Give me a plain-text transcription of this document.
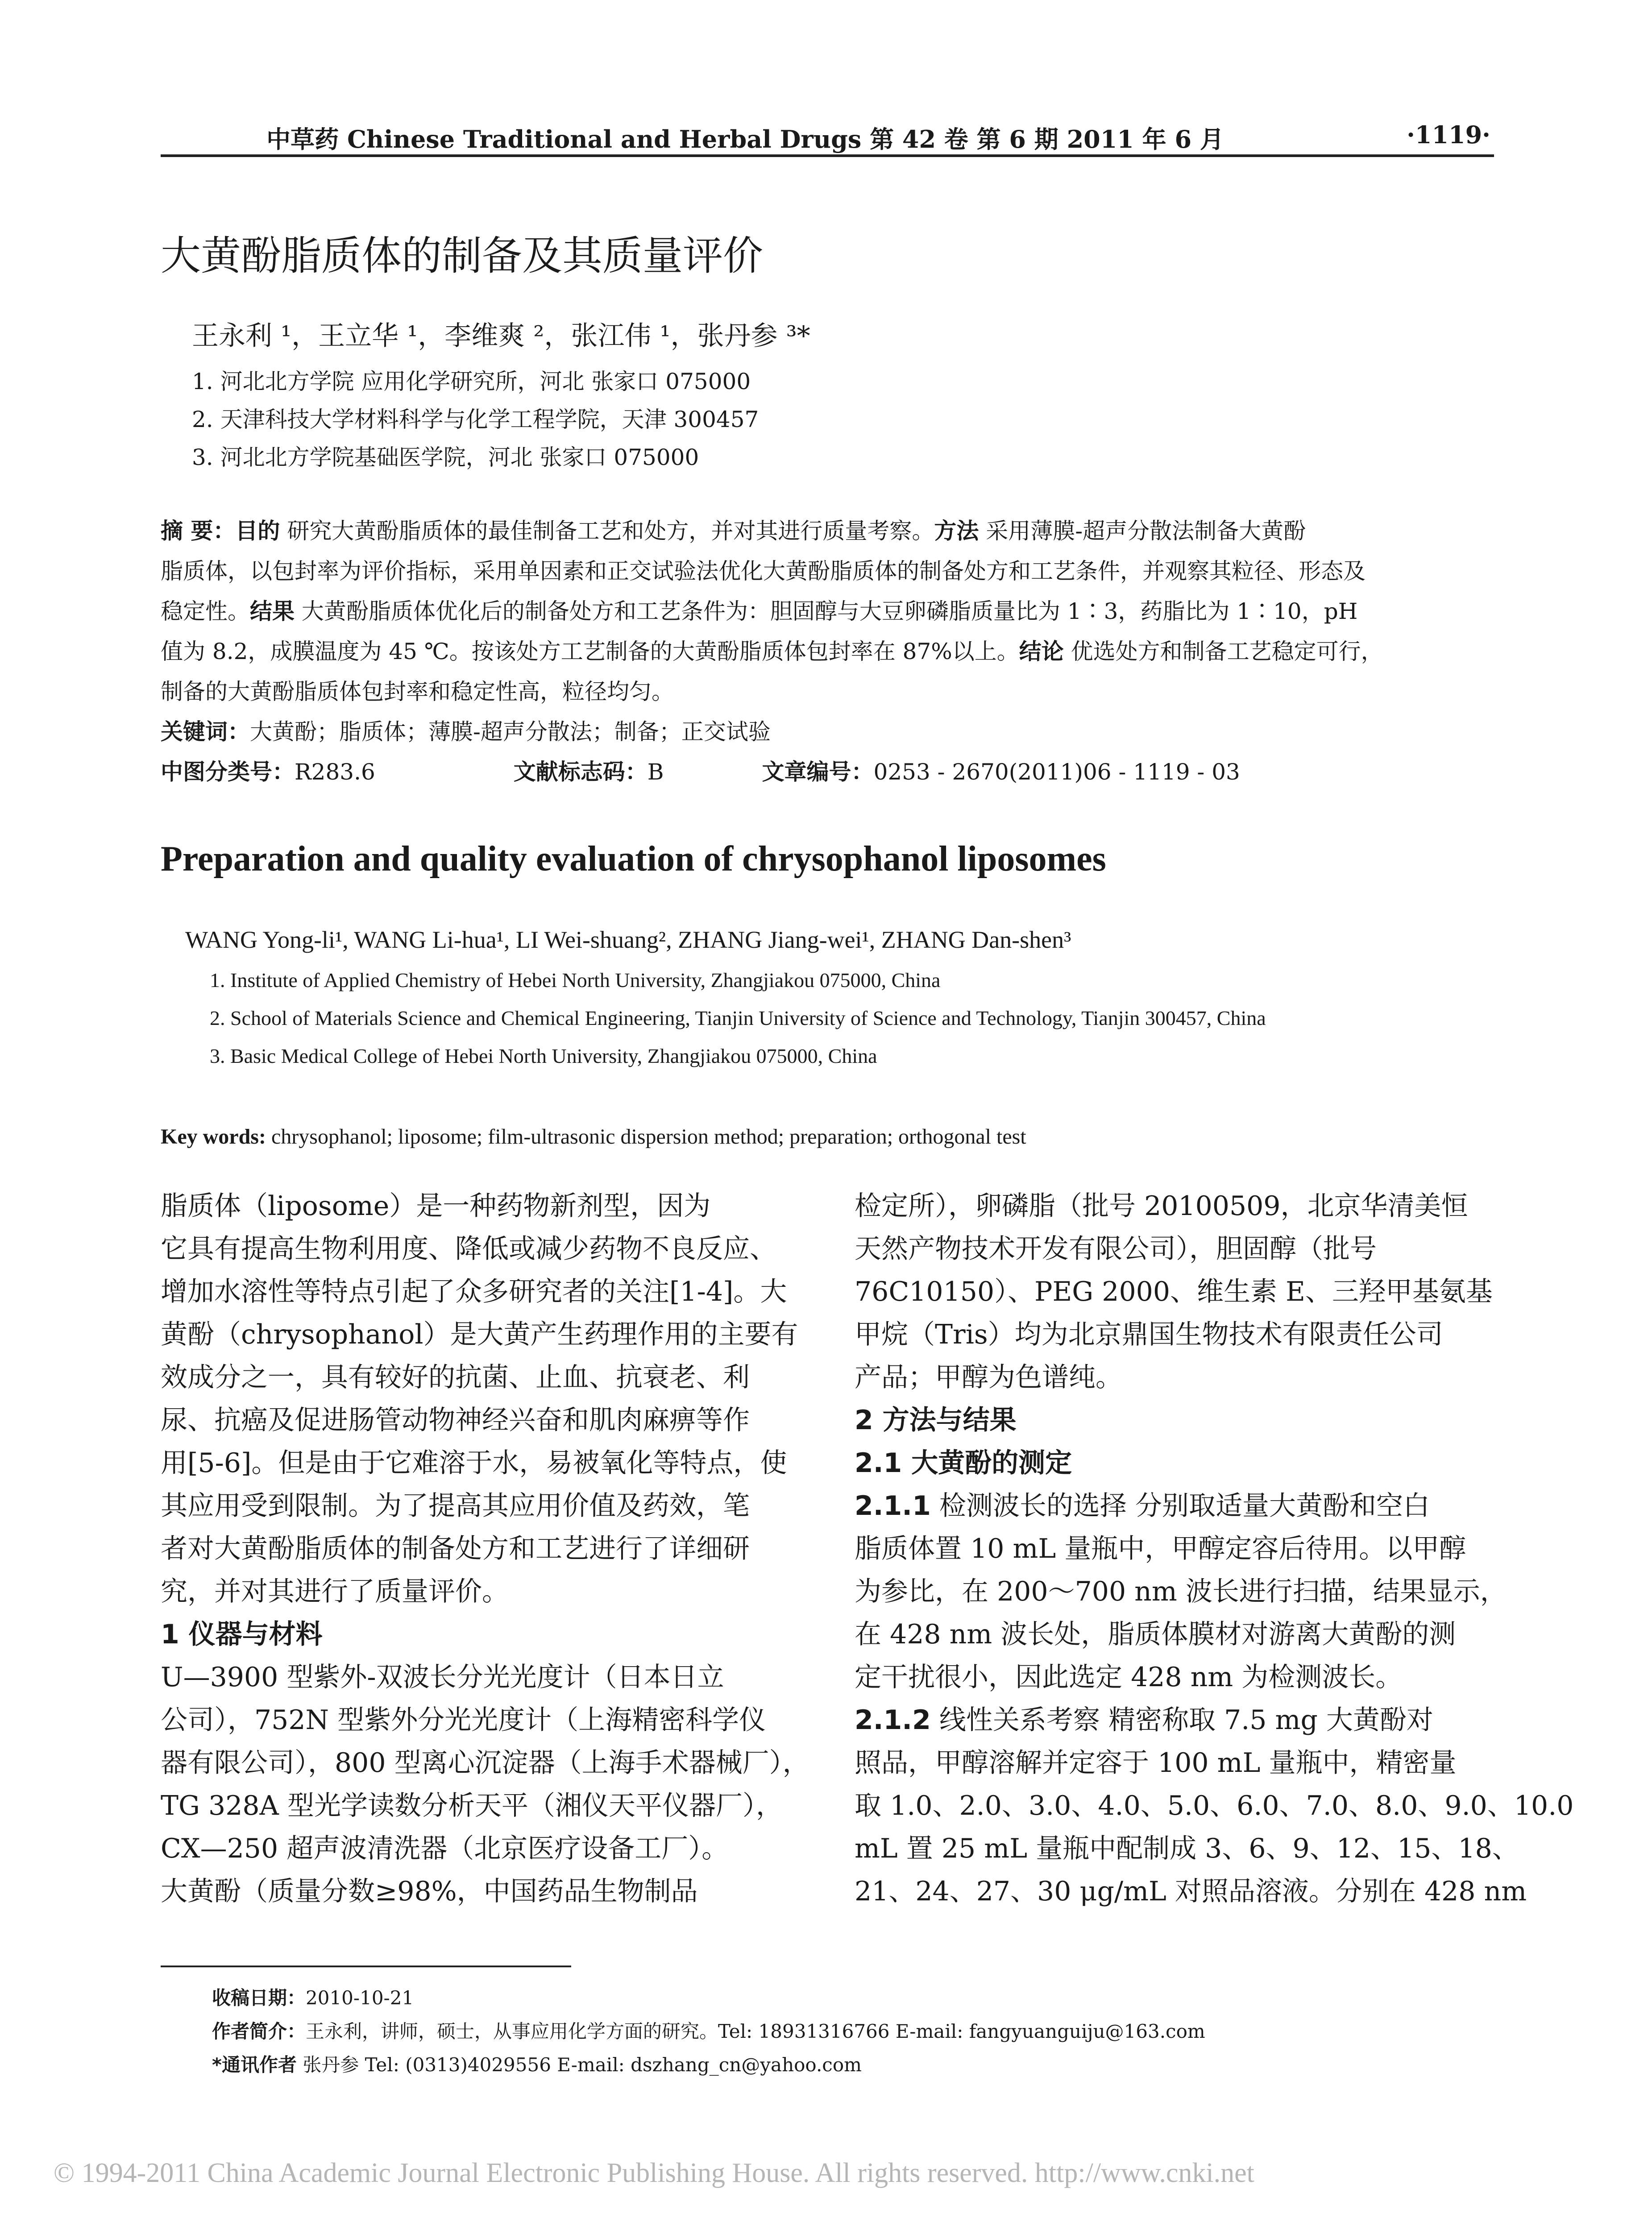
中草药 Chinese Traditional and Herbal Drugs 第 42 卷 第 6 期 2011 年 6 月	·1119·
大黄酚脂质体的制备及其质量评价
王永利 ¹，王立华 ¹，李维爽 ²，张江伟 ¹，张丹参 ³*
1. 河北北方学院 应用化学研究所，河北 张家口 075000
2. 天津科技大学材料科学与化学工程学院，天津 300457
3. 河北北方学院基础医学院，河北 张家口 075000
摘 要：目的 研究大黄酚脂质体的最佳制备工艺和处方，并对其进行质量考察。方法 采用薄膜-超声分散法制备大黄酚
脂质体，以包封率为评价指标，采用单因素和正交试验法优化大黄酚脂质体的制备处方和工艺条件，并观察其粒径、形态及
稳定性。结果 大黄酚脂质体优化后的制备处方和工艺条件为：胆固醇与大豆卵磷脂质量比为 1∶3，药脂比为 1∶10，pH
值为 8.2，成膜温度为 45 ℃。按该处方工艺制备的大黄酚脂质体包封率在 87%以上。结论 优选处方和制备工艺稳定可行，
制备的大黄酚脂质体包封率和稳定性高，粒径均匀。
关键词：大黄酚；脂质体；薄膜-超声分散法；制备；正交试验
中图分类号：R283.6	文献标志码：B	文章编号：0253 - 2670(2011)06 - 1119 - 03
Preparation and quality evaluation of chrysophanol liposomes
WANG Yong-li¹, WANG Li-hua¹, LI Wei-shuang², ZHANG Jiang-wei¹, ZHANG Dan-shen³
1. Institute of Applied Chemistry of Hebei North University, Zhangjiakou 075000, China
2. School of Materials Science and Chemical Engineering, Tianjin University of Science and Technology, Tianjin 300457, China
3. Basic Medical College of Hebei North University, Zhangjiakou 075000, China
Key words: chrysophanol; liposome; film-ultrasonic dispersion method; preparation; orthogonal test
脂质体（liposome）是一种药物新剂型，因为
它具有提高生物利用度、降低或减少药物不良反应、
增加水溶性等特点引起了众多研究者的关注[1-4]。大
黄酚（chrysophanol）是大黄产生药理作用的主要有
效成分之一，具有较好的抗菌、止血、抗衰老、利
尿、抗癌及促进肠管动物神经兴奋和肌肉麻痹等作
用[5-6]。但是由于它难溶于水，易被氧化等特点，使
其应用受到限制。为了提高其应用价值及药效，笔
者对大黄酚脂质体的制备处方和工艺进行了详细研
究，并对其进行了质量评价。
1 仪器与材料
U—3900 型紫外-双波长分光光度计（日本日立
公司），752N 型紫外分光光度计（上海精密科学仪
器有限公司），800 型离心沉淀器（上海手术器械厂），
TG 328A 型光学读数分析天平（湘仪天平仪器厂），
CX—250 超声波清洗器（北京医疗设备工厂）。
大黄酚（质量分数≥98%，中国药品生物制品
检定所），卵磷脂（批号 20100509，北京华清美恒
天然产物技术开发有限公司），胆固醇（批号
76C10150）、PEG 2000、维生素 E、三羟甲基氨基
甲烷（Tris）均为北京鼎国生物技术有限责任公司
产品；甲醇为色谱纯。
2 方法与结果
2.1 大黄酚的测定
2.1.1 检测波长的选择 分别取适量大黄酚和空白
脂质体置 10 mL 量瓶中，甲醇定容后待用。以甲醇
为参比，在 200～700 nm 波长进行扫描，结果显示，
在 428 nm 波长处，脂质体膜材对游离大黄酚的测
定干扰很小，因此选定 428 nm 为检测波长。
2.1.2 线性关系考察 精密称取 7.5 mg 大黄酚对
照品，甲醇溶解并定容于 100 mL 量瓶中，精密量
取 1.0、2.0、3.0、4.0、5.0、6.0、7.0、8.0、9.0、10.0
mL 置 25 mL 量瓶中配制成 3、6、9、12、15、18、
21、24、27、30 μg/mL 对照品溶液。分别在 428 nm
收稿日期：2010-10-21
作者简介：王永利，讲师，硕士，从事应用化学方面的研究。Tel: 18931316766 E-mail: fangyuanguiju@163.com
*通讯作者 张丹参 Tel: (0313)4029556 E-mail: dszhang_cn@yahoo.com
© 1994-2011 China Academic Journal Electronic Publishing House. All rights reserved. http://www.cnki.net
